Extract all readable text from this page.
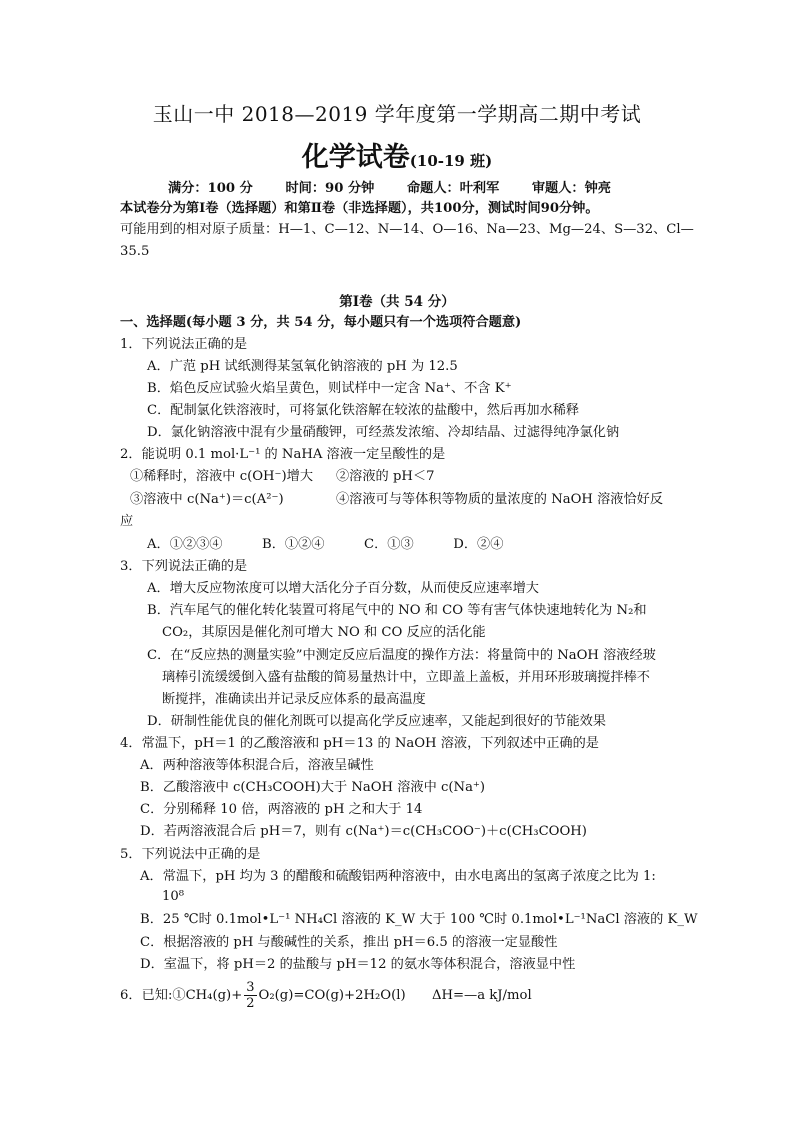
玉山一中 2018—2019 学年度第一学期高二期中考试
化学试卷(10-19 班)
满分：100 分 时间：90 分钟 命题人：叶利军 审题人：钟亮
本试卷分为第Ⅰ卷（选择题）和第Ⅱ卷（非选择题），共100分，测试时间90分钟。
可能用到的相对原子质量：H—1、C—12、N—14、O—16、Na—23、Mg—24、S—32、Cl—
35.5
第Ⅰ卷（共 54 分）
一、选择题(每小题 3 分，共 54 分，每小题只有一个选项符合题意)
1．下列说法正确的是
A．广范 pH 试纸测得某氢氧化钠溶液的 pH 为 12.5
B．焰色反应试验火焰呈黄色，则试样中一定含 Na⁺、不含 K⁺
C．配制氯化铁溶液时，可将氯化铁溶解在较浓的盐酸中，然后再加水稀释
D．氯化钠溶液中混有少量硝酸钾，可经蒸发浓缩、冷却结晶、过滤得纯净氯化钠
2．能说明 0.1 mol·L⁻¹ 的 NaHA 溶液一定呈酸性的是
①稀释时，溶液中 c(OH⁻)增大 ②溶液的 pH＜7
③溶液中 c(Na⁺)＝c(A²⁻)	④溶液可与等体积等物质的量浓度的 NaOH 溶液恰好反
应
A．①②③④　　　B．①②④　　　C．①③　　　D．②④
3．下列说法正确的是
A．增大反应物浓度可以增大活化分子百分数，从而使反应速率增大
B．汽车尾气的催化转化装置可将尾气中的 NO 和 CO 等有害气体快速地转化为 N₂和
CO₂，其原因是催化剂可增大 NO 和 CO 反应的活化能
C．在“反应热的测量实验”中测定反应后温度的操作方法：将量筒中的 NaOH 溶液经玻
璃棒引流缓缓倒入盛有盐酸的简易量热计中，立即盖上盖板，并用环形玻璃搅拌棒不
断搅拌，准确读出并记录反应体系的最高温度
D．研制性能优良的催化剂既可以提高化学反应速率，又能起到很好的节能效果
4．常温下，pH＝1 的乙酸溶液和 pH＝13 的 NaOH 溶液，下列叙述中正确的是
A．两种溶液等体积混合后，溶液呈碱性
B．乙酸溶液中 c(CH₃COOH)大于 NaOH 溶液中 c(Na⁺)
C．分别稀释 10 倍，两溶液的 pH 之和大于 14
D．若两溶液混合后 pH＝7，则有 c(Na⁺)＝c(CH₃COO⁻)＋c(CH₃COOH)
5．下列说法中正确的是
A．常温下，pH 均为 3 的醋酸和硫酸铝两种溶液中，由水电离出的氢离子浓度之比为 1:
10⁸
B．25 ℃时 0.1mol•L⁻¹ NH₄Cl 溶液的 K_W 大于 100 ℃时 0.1mol•L⁻¹NaCl 溶液的 K_W
C．根据溶液的 pH 与酸碱性的关系，推出 pH＝6.5 的溶液一定显酸性
D．室温下，将 pH＝2 的盐酸与 pH＝12 的氨水等体积混合，溶液显中性
6．已知:①CH₄(g)+ $\frac{3}{2} O_2(g)=CO(g)+2H_2O(l)$　　ΔH=—a kJ/mol
